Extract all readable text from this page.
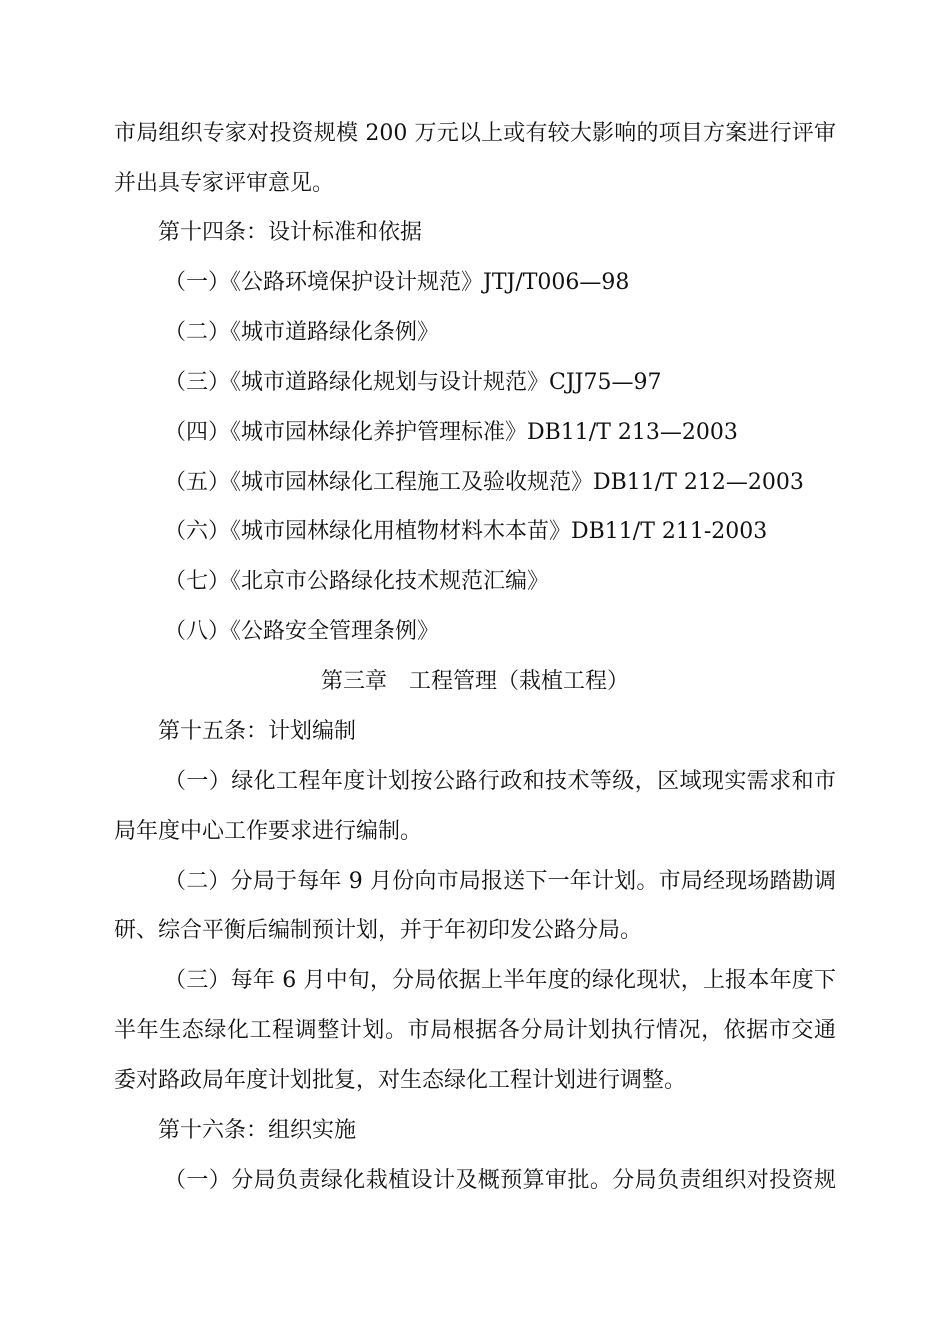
市局组织专家对投资规模 200 万元以上或有较大影响的项目方案进行评审
并出具专家评审意见。
第十四条：设计标准和依据
（一）《公路环境保护设计规范》JTJ/T006—98
（二）《城市道路绿化条例》
（三）《城市道路绿化规划与设计规范》CJJ75—97
（四）《城市园林绿化养护管理标准》DB11/T 213—2003
（五）《城市园林绿化工程施工及验收规范》DB11/T 212—2003
（六）《城市园林绿化用植物材料木本苗》DB11/T 211-2003
（七）《北京市公路绿化技术规范汇编》
（八）《公路安全管理条例》
第三章　工程管理（栽植工程）
第十五条：计划编制
（一）绿化工程年度计划按公路行政和技术等级，区域现实需求和市
局年度中心工作要求进行编制。
（二）分局于每年 9 月份向市局报送下一年计划。市局经现场踏勘调
研、综合平衡后编制预计划，并于年初印发公路分局。
（三）每年 6 月中旬，分局依据上半年度的绿化现状，上报本年度下
半年生态绿化工程调整计划。市局根据各分局计划执行情况，依据市交通
委对路政局年度计划批复，对生态绿化工程计划进行调整。
第十六条：组织实施
（一）分局负责绿化栽植设计及概预算审批。分局负责组织对投资规
